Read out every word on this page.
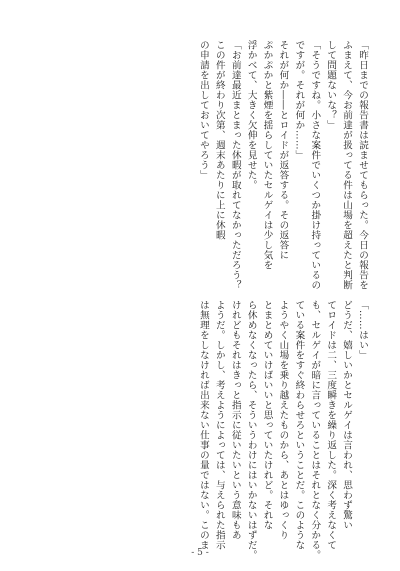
「昨日までの報告書は読ませてもらった。今日の報告を
ふまえて、今お前達が扱ってる件は山場を超えたと判断
して問題ないな？」
「そうですね。小さな案件でいくつか掛け持っているの
ですが。それが何か……」
それが何か――とロイドが返答する。その返答に
ぷかぷかと紫煙を揺らしていたセルゲイは少し気を
浮かべて、大きく欠伸を見せた。
「お前達最近まとまった休暇が取れてなかっただろう？
この件が終わり次第、週末あたりに上に休暇
の申請を出しておいてやろう」
「……はい」
どうだ、嬉しいかとセルゲイは言われ、思わず驚い
てロイドは二、三度瞬きを繰り返した。深く考えなくて
も、セルゲイが暗に言っていることはそれとなく分かる。
ている案件をすぐ終わらせろということだ。このような
ようやく山場を乗り越えたものから、あとはゆっくり
とまとめていけばいいと思っていたけれど。それな
ら休めなくなったら、そういうわけにはいかないはずだ。
けれどもそれはきっと指示に従いたいという意味もあ
ようだ。しかし、考えようによっては、与えられた指示
は無理をしなければ出来ない仕事の量ではない。このま
- 5 -
